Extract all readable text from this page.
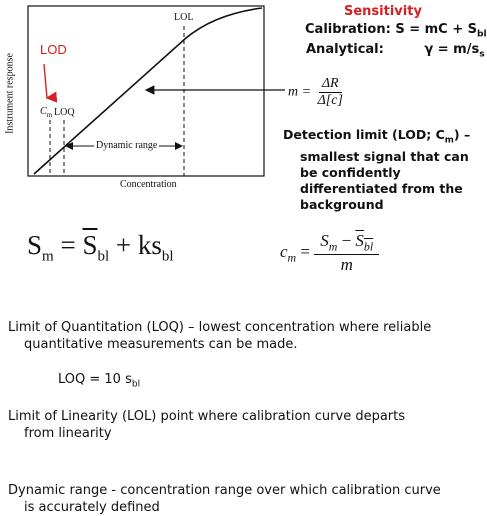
Instrument response
Concentration
LOL
LOD
$C_m$ LOQ
Dynamic range
Sensitivity
Calibration: S = mC + $S_{bl}$
Analytical:	$\gamma = m/s_s$
$m = \frac{\Delta R}{\Delta[c]}$
Detection limit (LOD; $C_m$) –
smallest signal that can
be confidently
differentiated from the
background
$S_m = \overline{S}_{bl} + ks_{bl}$	$c_m = \frac{S_m - \overline{S}_{\overline{bl}}}{m}$
Limit of Quantitation (LOQ) – lowest concentration where reliable
quantitative measurements can be made.
LOQ = 10 $s_{bl}$
Limit of Linearity (LOL) point where calibration curve departs
from linearity
Dynamic range - concentration range over which calibration curve
is accurately defined
